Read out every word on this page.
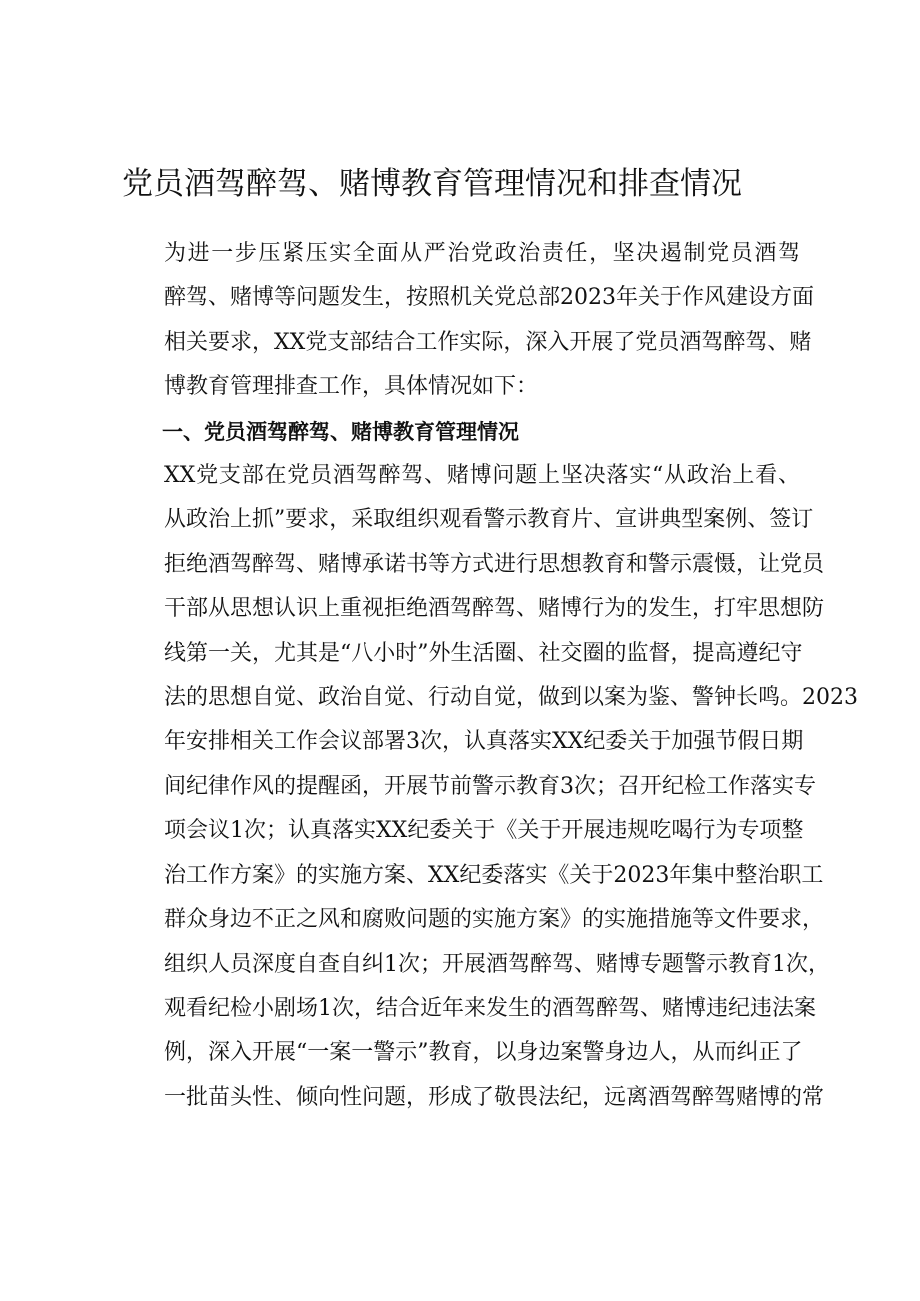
党员酒驾醉驾、赌博教育管理情况和排查情况
为进一步压紧压实全面从严治党政治责任，坚决遏制党员酒驾
醉驾、赌博等问题发生，按照机关党总部2023年关于作风建设方面
相关要求，XX党支部结合工作实际，深入开展了党员酒驾醉驾、赌
博教育管理排查工作，具体情况如下：
一、党员酒驾醉驾、赌博教育管理情况
XX党支部在党员酒驾醉驾、赌博问题上坚决落实“从政治上看、
从政治上抓”要求，采取组织观看警示教育片、宣讲典型案例、签订
拒绝酒驾醉驾、赌博承诺书等方式进行思想教育和警示震慑，让党员
干部从思想认识上重视拒绝酒驾醉驾、赌博行为的发生，打牢思想防
线第一关，尤其是“八小时”外生活圈、社交圈的监督，提高遵纪守
法的思想自觉、政治自觉、行动自觉，做到以案为鉴、警钟长鸣。2023
年安排相关工作会议部署3次，认真落实XX纪委关于加强节假日期
间纪律作风的提醒函，开展节前警示教育3次；召开纪检工作落实专
项会议1次；认真落实XX纪委关于《关于开展违规吃喝行为专项整
治工作方案》的实施方案、XX纪委落实《关于2023年集中整治职工
群众身边不正之风和腐败问题的实施方案》的实施措施等文件要求，
组织人员深度自查自纠1次；开展酒驾醉驾、赌博专题警示教育1次，
观看纪检小剧场1次，结合近年来发生的酒驾醉驾、赌博违纪违法案
例，深入开展“一案一警示”教育，以身边案警身边人，从而纠正了
一批苗头性、倾向性问题，形成了敬畏法纪，远离酒驾醉驾赌博的常
